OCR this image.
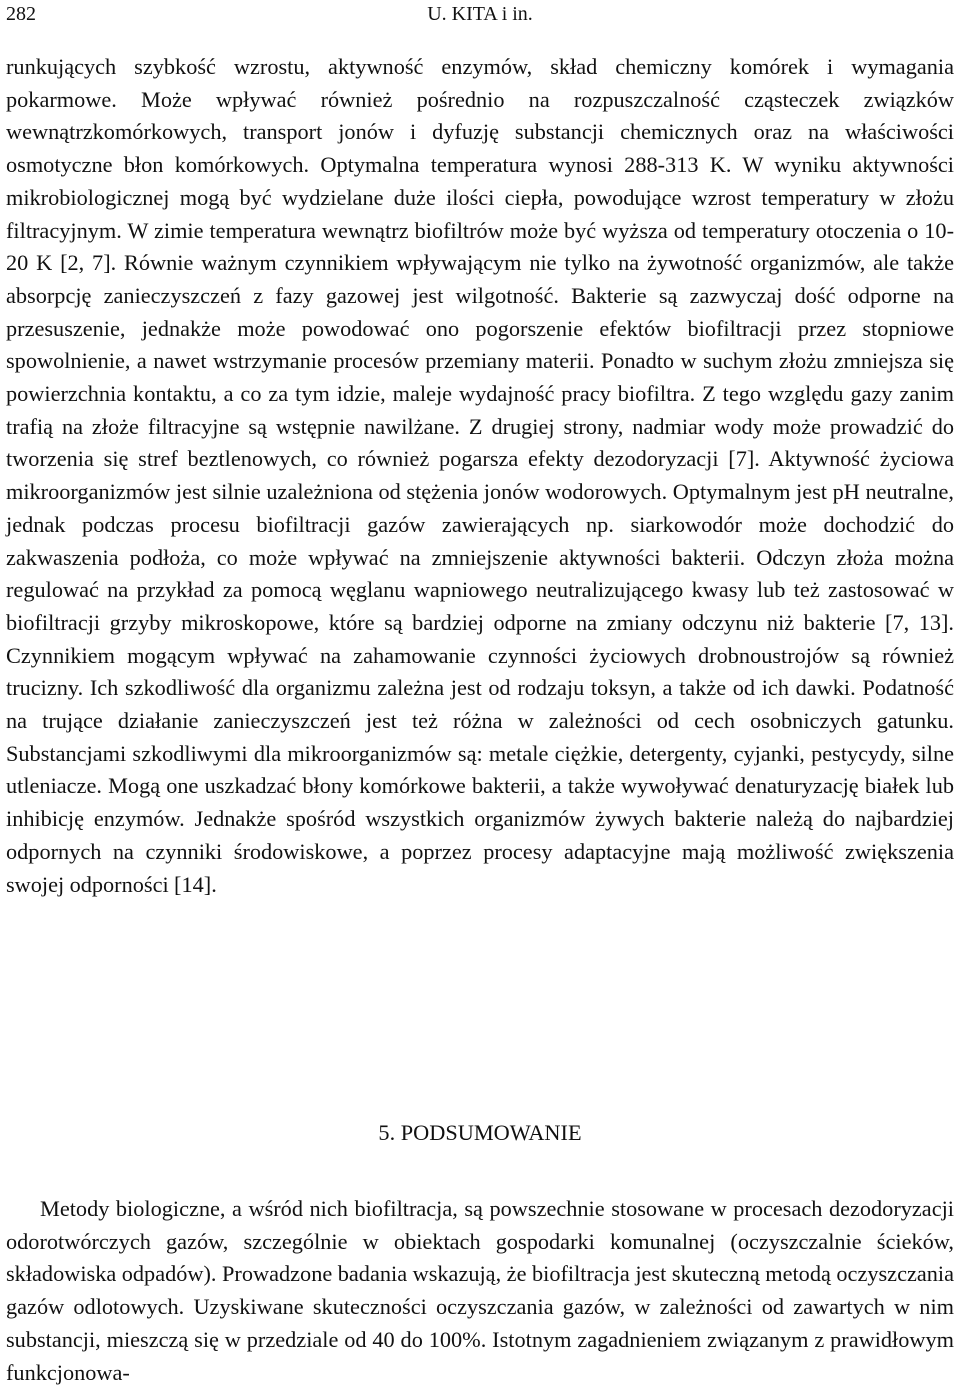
282	U. KITA i in.

runkujących szybkość wzrostu, aktywność enzymów, skład chemiczny komórek i wymagania pokarmowe. Może wpływać również pośrednio na rozpuszczalność cząsteczek związków wewnątrzkomórkowych, transport jonów i dyfuzję substancji chemicznych oraz na właściwości osmotyczne błon komórkowych. Optymalna temperatura wynosi 288-313 K. W wyniku aktywności mikrobiologicznej mogą być wydzielane duże ilości ciepła, powodujące wzrost temperatury w złożu filtracyjnym. W zimie temperatura wewnątrz biofiltrów może być wyższa od temperatury otoczenia o 10-20 K [2, 7]. Równie ważnym czynnikiem wpływającym nie tylko na żywotność organizmów, ale także absorpcję zanieczyszczeń z fazy gazowej jest wilgotność. Bakterie są zazwyczaj dość odporne na przesuszenie, jednakże może powodować ono pogorszenie efektów biofiltracji przez stopniowe spowolnienie, a nawet wstrzymanie procesów przemiany materii. Ponadto w suchym złożu zmniejsza się powierzchnia kontaktu, a co za tym idzie, maleje wydajność pracy biofiltra. Z tego względu gazy zanim trafią na złoże filtracyjne są wstępnie nawilżane. Z drugiej strony, nadmiar wody może prowadzić do tworzenia się stref beztlenowych, co również pogarsza efekty dezodoryzacji [7]. Aktywność życiowa mikroorganizmów jest silnie uzależniona od stężenia jonów wodorowych. Optymalnym jest pH neutralne, jednak podczas procesu biofiltracji gazów zawierających np. siarkowodór może dochodzić do zakwaszenia podłoża, co może wpływać na zmniejszenie aktywności bakterii. Odczyn złoża można regulować na przykład za pomocą węglanu wapniowego neutralizującego kwasy lub też zastosować w biofiltracji grzyby mikroskopowe, które są bardziej odporne na zmiany odczynu niż bakterie [7, 13]. Czynnikiem mogącym wpływać na zahamowanie czynności życiowych drobnoustrojów są również trucizny. Ich szkodliwość dla organizmu zależna jest od rodzaju toksyn, a także od ich dawki. Podatność na trujące działanie zanieczyszczeń jest też różna w zależności od cech osobniczych gatunku. Substancjami szkodliwymi dla mikroorganizmów są: metale ciężkie, detergenty, cyjanki, pestycydy, silne utleniacze. Mogą one uszkadzać błony komórkowe bakterii, a także wywoływać denaturyzację białek lub inhibicję enzymów. Jednakże spośród wszystkich organizmów żywych bakterie należą do najbardziej odpornych na czynniki środowiskowe, a poprzez procesy adaptacyjne mają możliwość zwiększenia swojej odporności [14].

5. PODSUMOWANIE

Metody biologiczne, a wśród nich biofiltracja, są powszechnie stosowane w procesach dezodoryzacji odorotwórczych gazów, szczególnie w obiektach gospodarki komunalnej (oczyszczalnie ścieków, składowiska odpadów). Prowadzone badania wskazują, że biofiltracja jest skuteczną metodą oczyszczania gazów odlotowych. Uzyskiwane skuteczności oczyszczania gazów, w zależności od zawartych w nim substancji, mieszczą się w przedziale od 40 do 100%. Istotnym zagadnieniem związanym z prawidłowym funkcjonowa-
